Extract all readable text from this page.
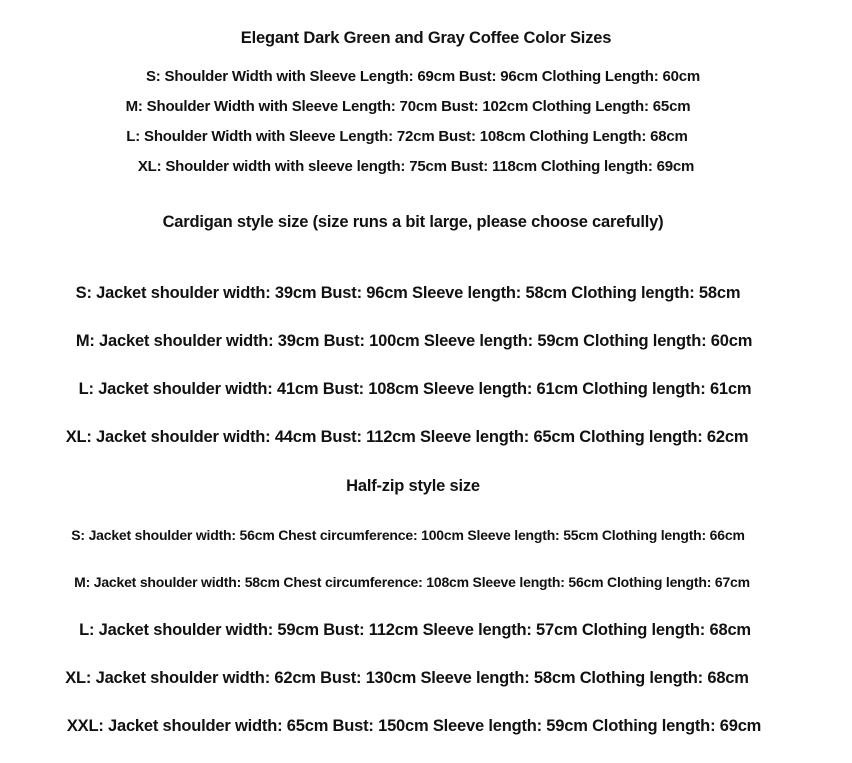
Elegant Dark Green and Gray Coffee Color Sizes
S: Shoulder Width with Sleeve Length: 69cm Bust: 96cm Clothing Length: 60cm
M: Shoulder Width with Sleeve Length: 70cm Bust: 102cm Clothing Length: 65cm
L: Shoulder Width with Sleeve Length: 72cm Bust: 108cm Clothing Length: 68cm
XL: Shoulder width with sleeve length: 75cm Bust: 118cm Clothing length: 69cm
Cardigan style size (size runs a bit large, please choose carefully)
S: Jacket shoulder width: 39cm Bust: 96cm Sleeve length: 58cm Clothing length: 58cm
M: Jacket shoulder width: 39cm Bust: 100cm Sleeve length: 59cm Clothing length: 60cm
L: Jacket shoulder width: 41cm Bust: 108cm Sleeve length: 61cm Clothing length: 61cm
XL: Jacket shoulder width: 44cm Bust: 112cm Sleeve length: 65cm Clothing length: 62cm
Half-zip style size
S: Jacket shoulder width: 56cm Chest circumference: 100cm Sleeve length: 55cm Clothing length: 66cm
M: Jacket shoulder width: 58cm Chest circumference: 108cm Sleeve length: 56cm Clothing length: 67cm
L: Jacket shoulder width: 59cm Bust: 112cm Sleeve length: 57cm Clothing length: 68cm
XL: Jacket shoulder width: 62cm Bust: 130cm Sleeve length: 58cm Clothing length: 68cm
XXL: Jacket shoulder width: 65cm Bust: 150cm Sleeve length: 59cm Clothing length: 69cm
